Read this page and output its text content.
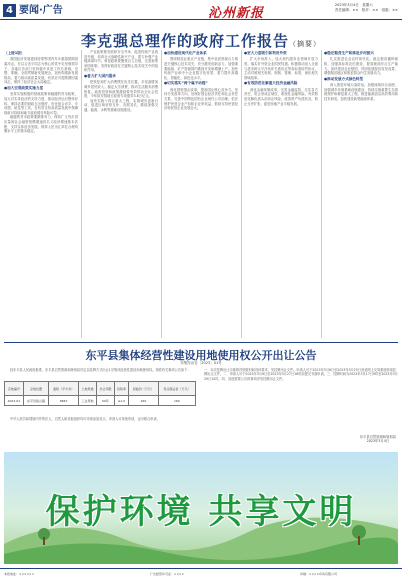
4 要闻·广告	沁州新报
2023年3月4日　星期六
责任编辑：××　校对：××　组版：××
李克强总理作的政府工作报告（摘要）
（上接1版）

我国经济发展遇到疫情等国内外多重超预期因素冲击，在以习近平同志为核心的党中央坚强领导下，各地区各部门坚持稳中求进工作总基调，完整、准确、全面贯彻新发展理念，加快构建新发展格局，着力推动高质量发展，有效应对超预期因素冲击，保持了经济社会大局稳定。

●加大宏观政策实施力度

坚持实施积极的财政政策和稳健的货币政策，加大对实体经济的支持力度，推动经济运行整体好转。保持必要的财政支出强度，优化组合赤字、专项债、贴息等工具，在有效支持高质量发展中保障财政可持续和地方政府债务风险可控。

稳健的货币政策要精准有力，保持广义货币供应量和社会融资规模增速同名义经济增速基本匹配，支持实体经济发展。保持人民币汇率在合理均衡水平上的基本稳定。

产业政策要发展和安全并举，促进传统产业改造升级，培育壮大战略性新兴产业，着力补强产业链薄弱环节。科技政策要聚焦自立自强，完善新型举国体制，发挥好政府在关键核心技术攻关中的组织作用。

●着力扩大国内需求

把恢复和扩大消费摆在优先位置。多渠道增加城乡居民收入。稳定大宗消费，推动生活服务消费恢复。政府投资和政策激励要有效带动全社会投资，今年拟安排地方政府专项债券3.8万亿元。

加快实施十四五重大工程，实施城市更新行动，促进区域优势互补、各展其长，继续加强交通、能源、水利等基础设施建设。

●加快建设现代化产业体系

围绕制造业重点产业链，集中优质资源合力推进关键核心技术攻关，充分激发创新活力。加强重要能源、矿产资源国内勘探开发和增储上产。加快传统产业和中小企业数字化转型，着力提升高端化、智能化、绿色化水平。

●切实落实“两个毫不动摇”

深化国资国企改革，提高国企核心竞争力。坚持分类改革方向，处理好国企经济责任和社会责任关系，完善中国特色国有企业现代公司治理。依法保护民营企业产权和企业家权益，鼓励支持民营经济和民营企业发展壮大。

●更大力度吸引和利用外资

扩大市场准入，加大现代服务业领域开放力度。落实好外资企业国民待遇。积极推动加入全面与进步跨太平洋伙伴关系协定等高标准经贸协议，主动对照相关规则、规制、管理、标准，深化相关领域改革。

●有效防范化解重大经济金融风险

深化金融体制改革，完善金融监管，压实各方责任，防止形成区域性、系统性金融风险。有效防范化解优质头部房企风险，改善资产负债状况，防止无序扩张，促进房地产业平稳发展。

●稳定粮食生产和推进乡村振兴

扎实推进农业农村现代化。稳定粮食播种面积，加强高标准农田建设，提高粮食综合生产能力。加快建设农业强国，巩固拓展脱贫攻坚成果，增强脱贫地区和脱贫群众内生发展动力。

●推动发展方式绿色转型

深入推进环境污染防治。加强流域综合治理，加强城乡环境基础设施建设，持续实施重要生态系统保护和修复重大工程。推进能源清洁高效利用和技术研发，加快建设新型能源体系。

东平县集体经营性建设用地使用权公开出让公告
东集经出告〔2023〕01号
经东平县人民政府批准，东平县自然资源和规划局决定以挂牌方式出让1宗集体经营性建设用地使用权。现将有关事项公告如下：
宗地编号	宗地位置	面积（平方米）	土地用途	出让年限	容积率	起始价（万元）	竞买保证金（万元）
2023-01	东平县接山镇	8667	工业用地	50年	≥1.0	160	160
中华人民共和国境内外的法人、自然人和其他组织均可申请参加竞买，申请人可单独申请，也可联合申请。
一、本次挂牌出让宗地的详细资料和具体要求，见挂牌出让文件。申请人可于2023年3月6日至2023年3月25日登录网上交易系统获取挂牌出让文件。二、申请人可于2023年3月6日至2023年3月27日16时前提交书面申请。三、挂牌时间为2023年3月17日9时至2023年3月29日10时。四、其他需要公告的事项详见挂牌出让文件。
东平县自然资源和规划局
2023年3月4日
保护环境 共享文明
本报地址：××××××	广告经营许可证：××××	印刷：××××印务有限公司
